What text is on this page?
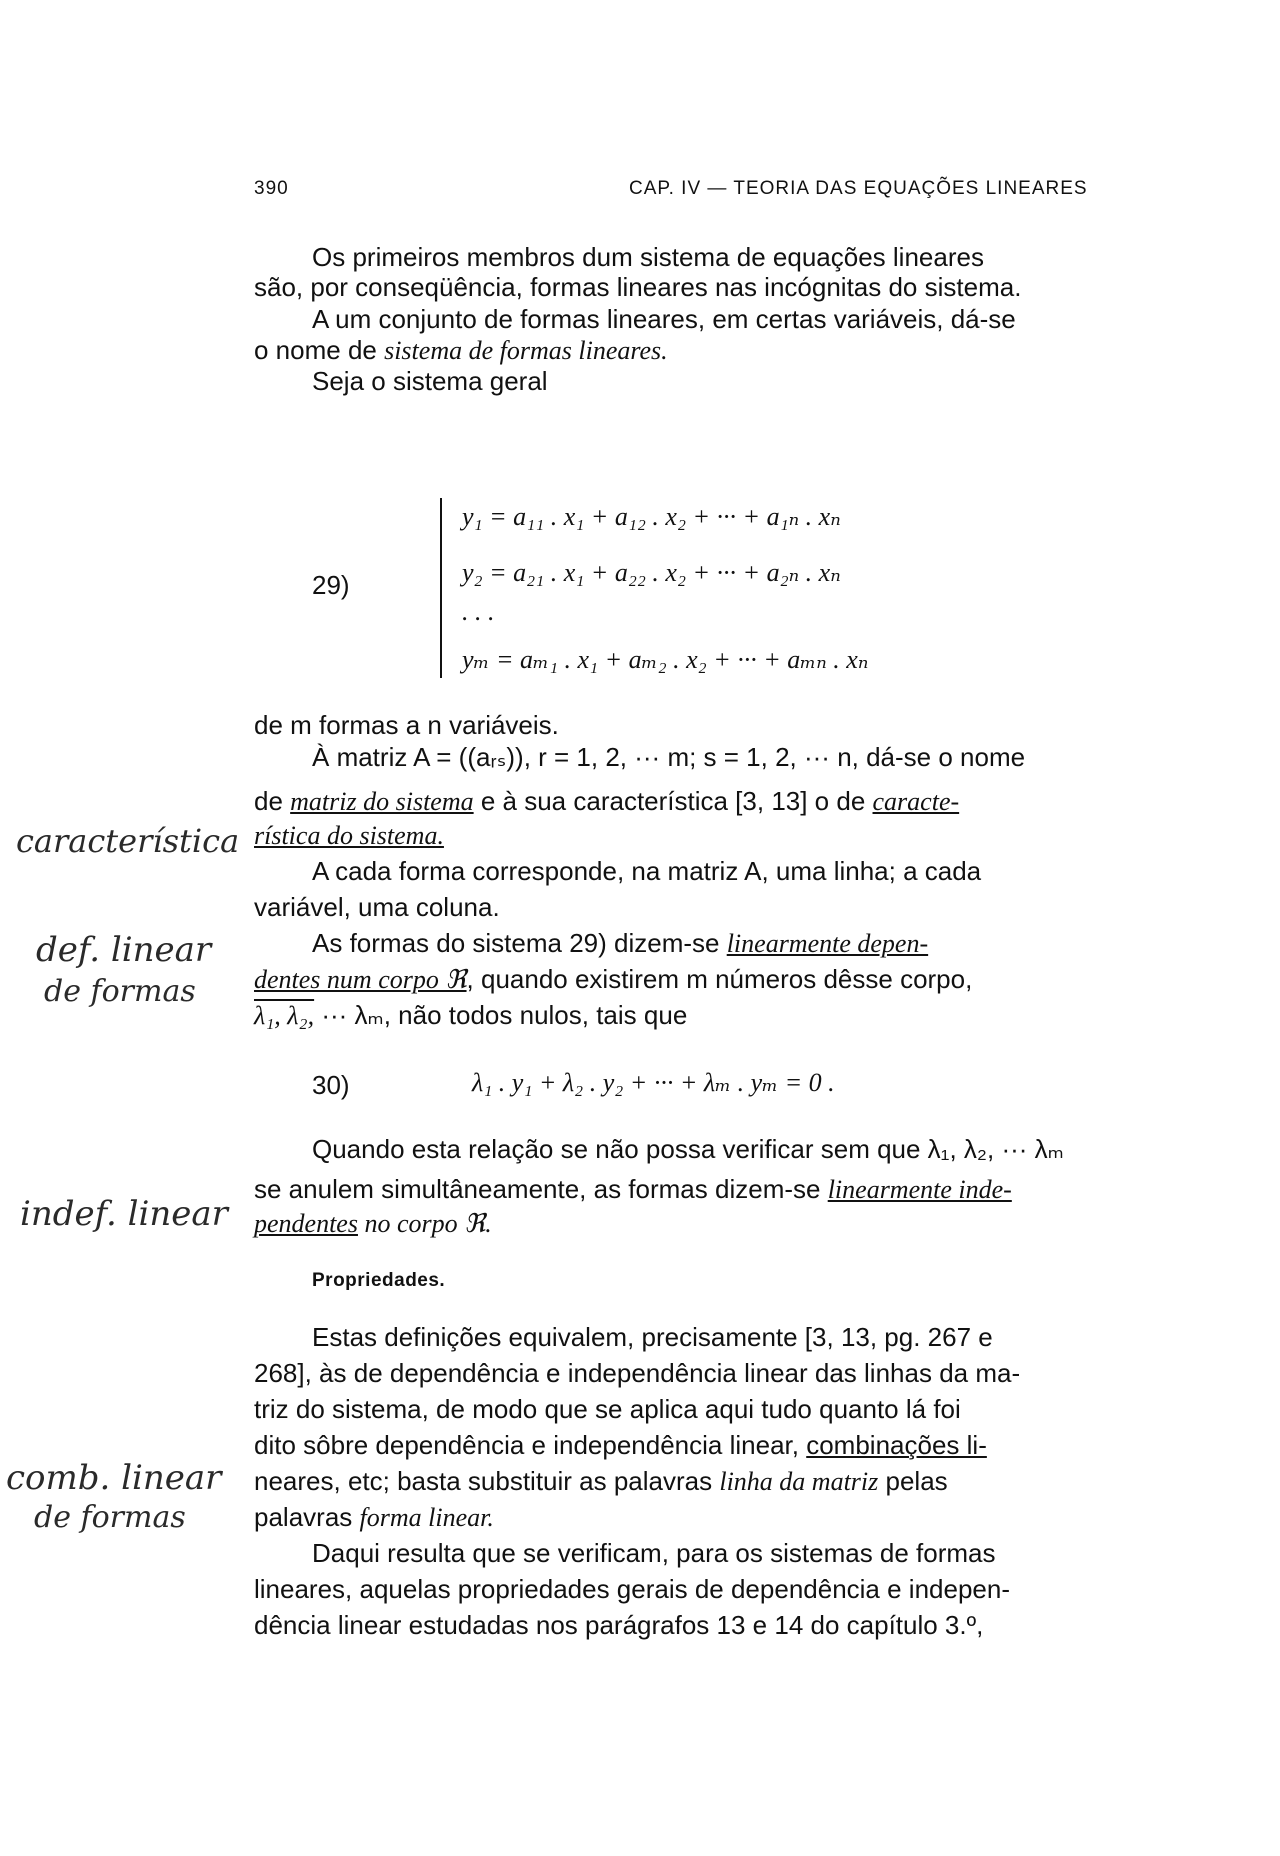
390	CAP. IV — TEORIA DAS EQUAÇÕES LINEARES
Os primeiros membros dum sistema de equações lineares
são, por conseqüência, formas lineares nas incógnitas do sistema.
A um conjunto de formas lineares, em certas variáveis, dá-se
o nome de sistema de formas lineares.
Seja o sistema geral
29)
y₁ = a₁₁ . x₁ + a₁₂ . x₂ + ··· + a₁ₙ . xₙ
y₂ = a₂₁ . x₁ + a₂₂ . x₂ + ··· + a₂ₙ . xₙ
. . .
yₘ = aₘ₁ . x₁ + aₘ₂ . x₂ + ··· + aₘₙ . xₙ
de m formas a n variáveis.
À matriz A = ((aᵣₛ)), r = 1, 2, ··· m; s = 1, 2, ··· n, dá-se o nome
de matriz do sistema e à sua característica [3, 13] o de caracte-
rística do sistema.
A cada forma corresponde, na matriz A, uma linha; a cada
variável, uma coluna.
As formas do sistema 29) dizem-se linearmente depen-
dentes num corpo ℜ, quando existirem m números dêsse corpo,
λ₁, λ₂, ··· λₘ, não todos nulos, tais que
30)	λ₁ . y₁ + λ₂ . y₂ + ··· + λₘ . yₘ = 0 .
Quando esta relação se não possa verificar sem que λ₁, λ₂, ··· λₘ
se anulem simultâneamente, as formas dizem-se linearmente inde-
pendentes no corpo ℜ.
Propriedades.
Estas definições equivalem, precisamente [3, 13, pg. 267 e
268], às de dependência e independência linear das linhas da ma-
triz do sistema, de modo que se aplica aqui tudo quanto lá foi
dito sôbre dependência e independência linear, combinações li-
neares, etc; basta substituir as palavras linha da matriz pelas
palavras forma linear.
Daqui resulta que se verificam, para os sistemas de formas
lineares, aquelas propriedades gerais de dependência e indepen-
dência linear estudadas nos parágrafos 13 e 14 do capítulo 3.º,
característica
def. linear
de formas
indef. linear
comb. linear
de formas
